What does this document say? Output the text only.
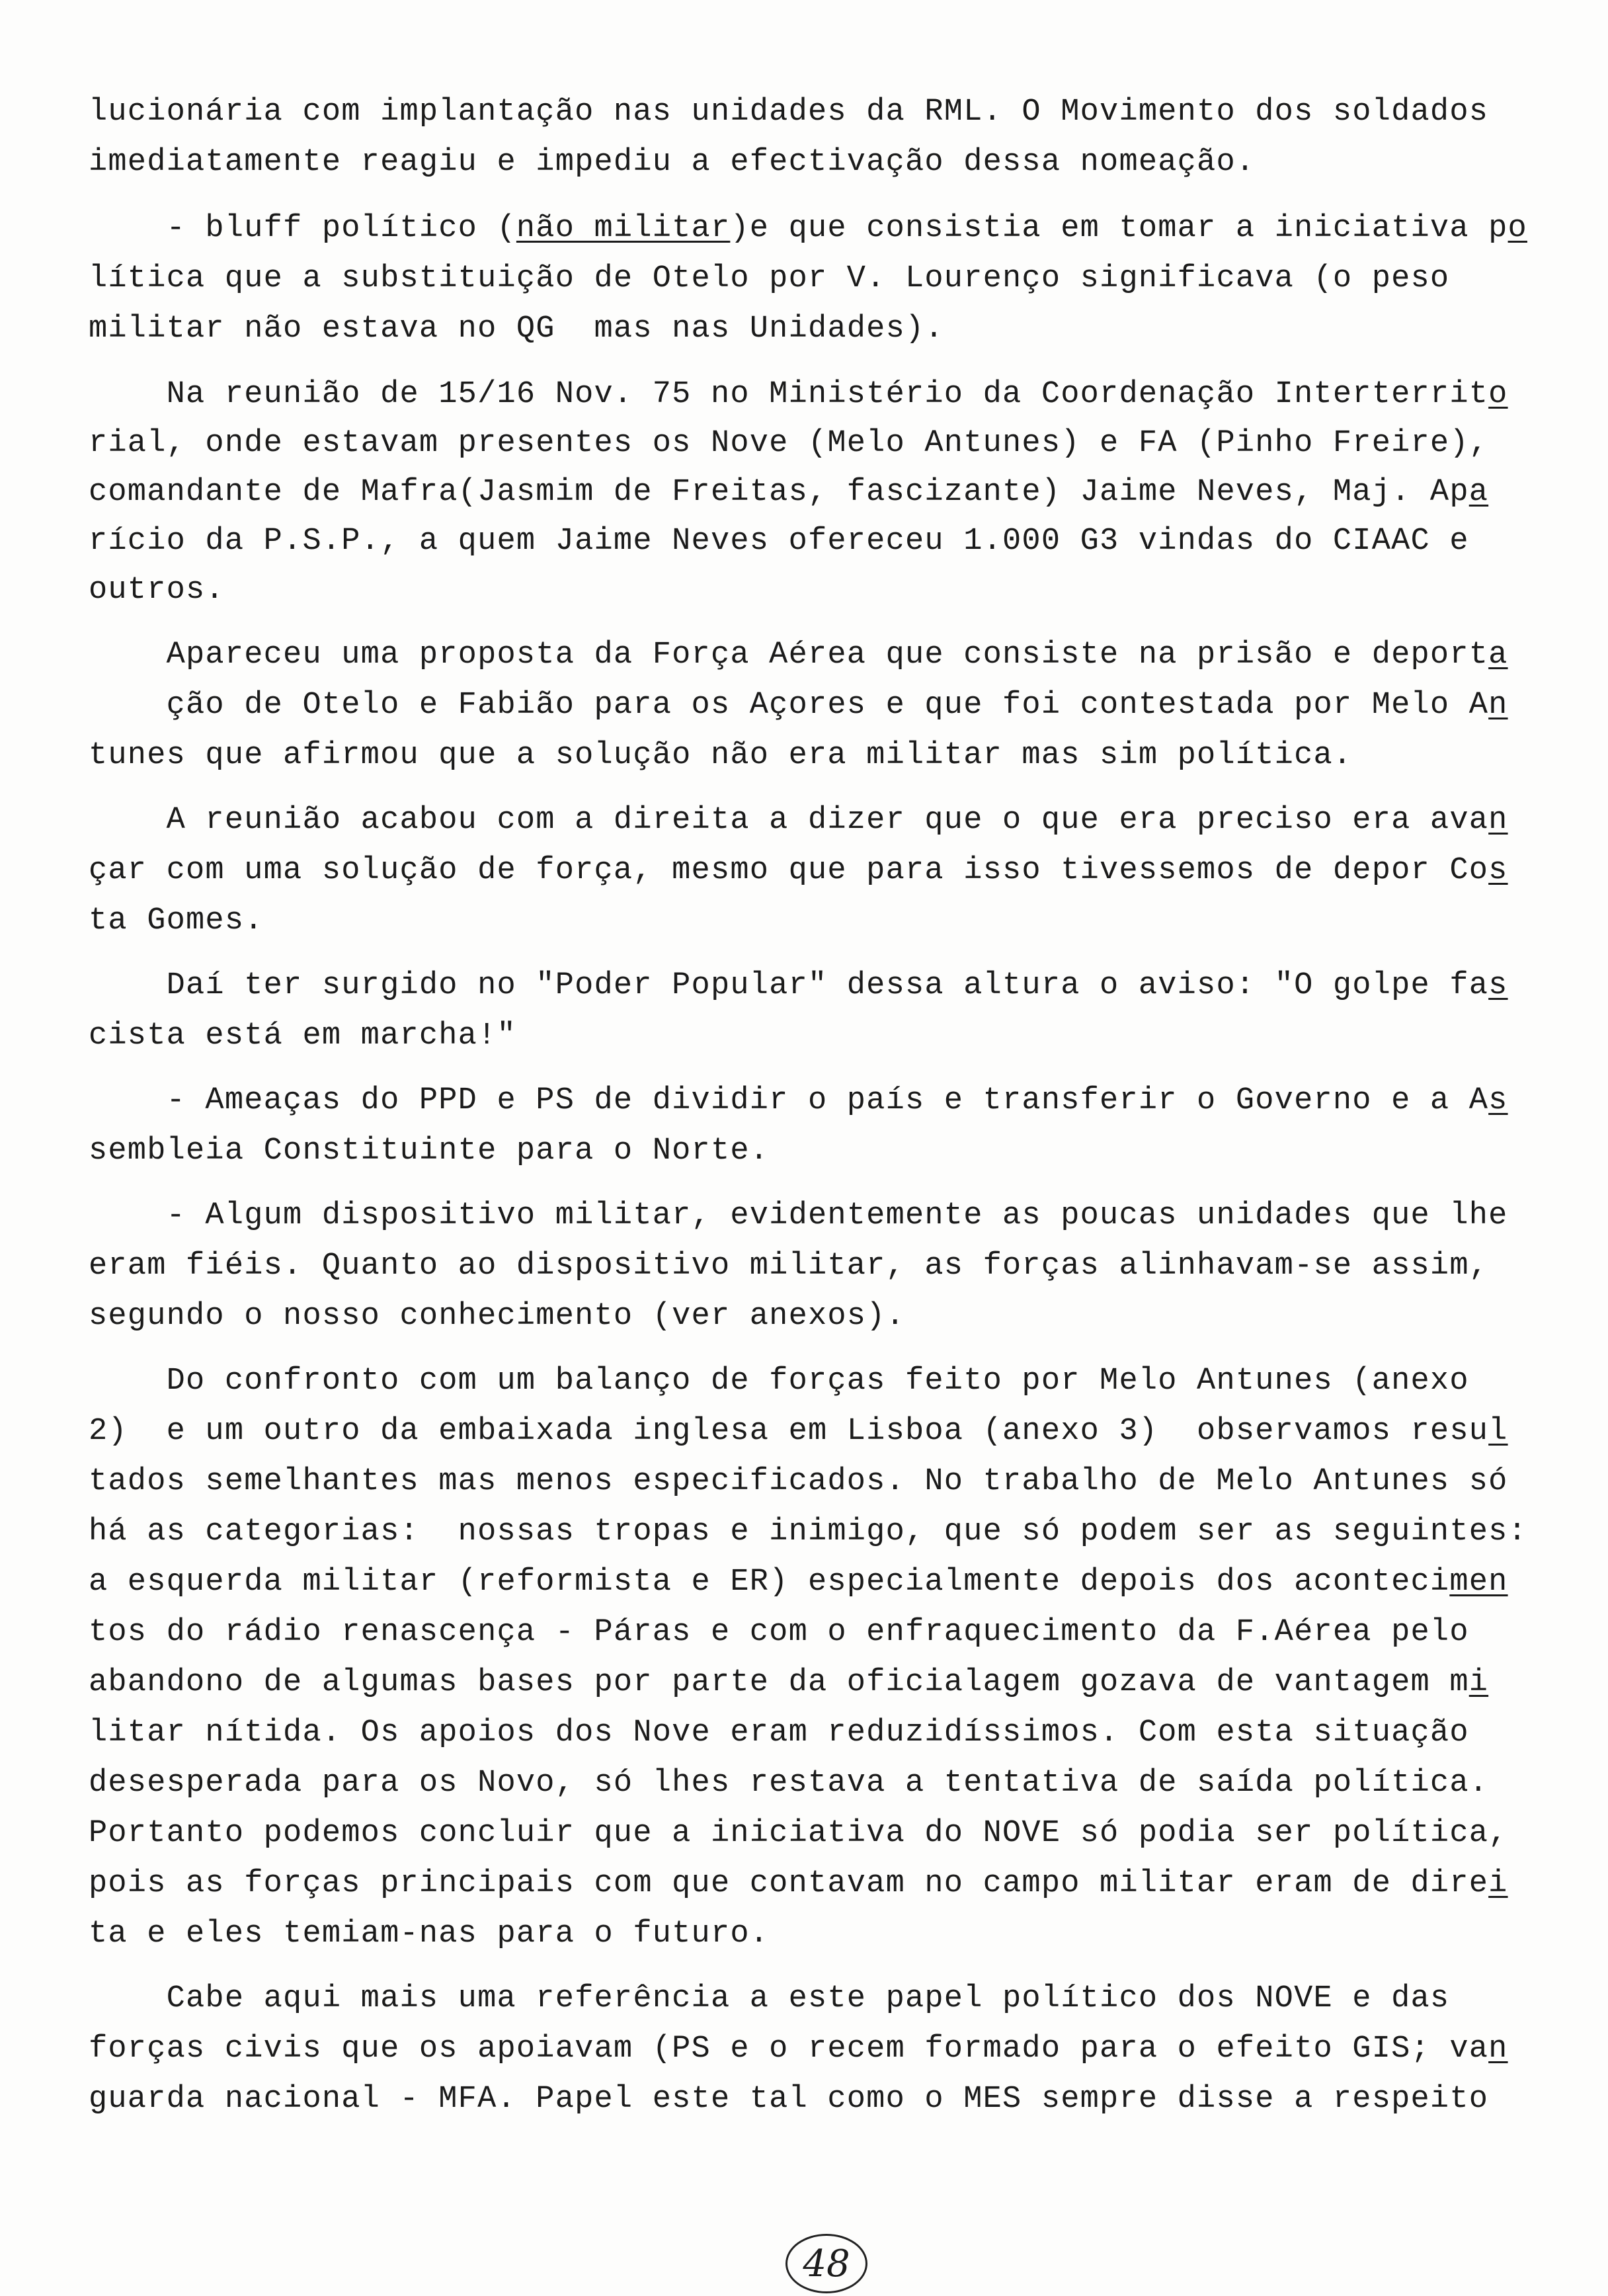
lucionária com implantação nas unidades da RML. O Movimento dos soldados
imediatamente reagiu e impediu a efectivação dessa nomeação.
- bluff político (não militar)e que consistia em tomar a iniciativa po
lítica que a substituição de Otelo por V. Lourenço significava (o peso
militar não estava no QG  mas nas Unidades).
Na reunião de 15/16 Nov. 75 no Ministério da Coordenação Interterrito
rial, onde estavam presentes os Nove (Melo Antunes) e FA (Pinho Freire),
comandante de Mafra(Jasmim de Freitas, fascizante) Jaime Neves, Maj. Apa
rício da P.S.P., a quem Jaime Neves ofereceu 1.000 G3 vindas do CIAAC e
outros.
Apareceu uma proposta da Força Aérea que consiste na prisão e deporta
ção de Otelo e Fabião para os Açores e que foi contestada por Melo An
tunes que afirmou que a solução não era militar mas sim política.
A reunião acabou com a direita a dizer que o que era preciso era avan
çar com uma solução de força, mesmo que para isso tivessemos de depor Cos
ta Gomes.
Daí ter surgido no "Poder Popular" dessa altura o aviso: "O golpe fas
cista está em marcha!"
- Ameaças do PPD e PS de dividir o país e transferir o Governo e a As
sembleia Constituinte para o Norte.
- Algum dispositivo militar, evidentemente as poucas unidades que lhe
eram fiéis. Quanto ao dispositivo militar, as forças alinhavam-se assim,
segundo o nosso conhecimento (ver anexos).
Do confronto com um balanço de forças feito por Melo Antunes (anexo
2)  e um outro da embaixada inglesa em Lisboa (anexo 3)  observamos resul
tados semelhantes mas menos especificados. No trabalho de Melo Antunes só
há as categorias:  nossas tropas e inimigo, que só podem ser as seguintes:
a esquerda militar (reformista e ER) especialmente depois dos acontecimen
tos do rádio renascença - Páras e com o enfraquecimento da F.Aérea pelo
abandono de algumas bases por parte da oficialagem gozava de vantagem mi
litar nítida. Os apoios dos Nove eram reduzidíssimos. Com esta situação
desesperada para os Novo, só lhes restava a tentativa de saída política.
Portanto podemos concluir que a iniciativa do NOVE só podia ser política,
pois as forças principais com que contavam no campo militar eram de direi
ta e eles temiam-nas para o futuro.
Cabe aqui mais uma referência a este papel político dos NOVE e das
forças civis que os apoiavam (PS e o recem formado para o efeito GIS; van
guarda nacional - MFA. Papel este tal como o MES sempre disse a respeito
48
